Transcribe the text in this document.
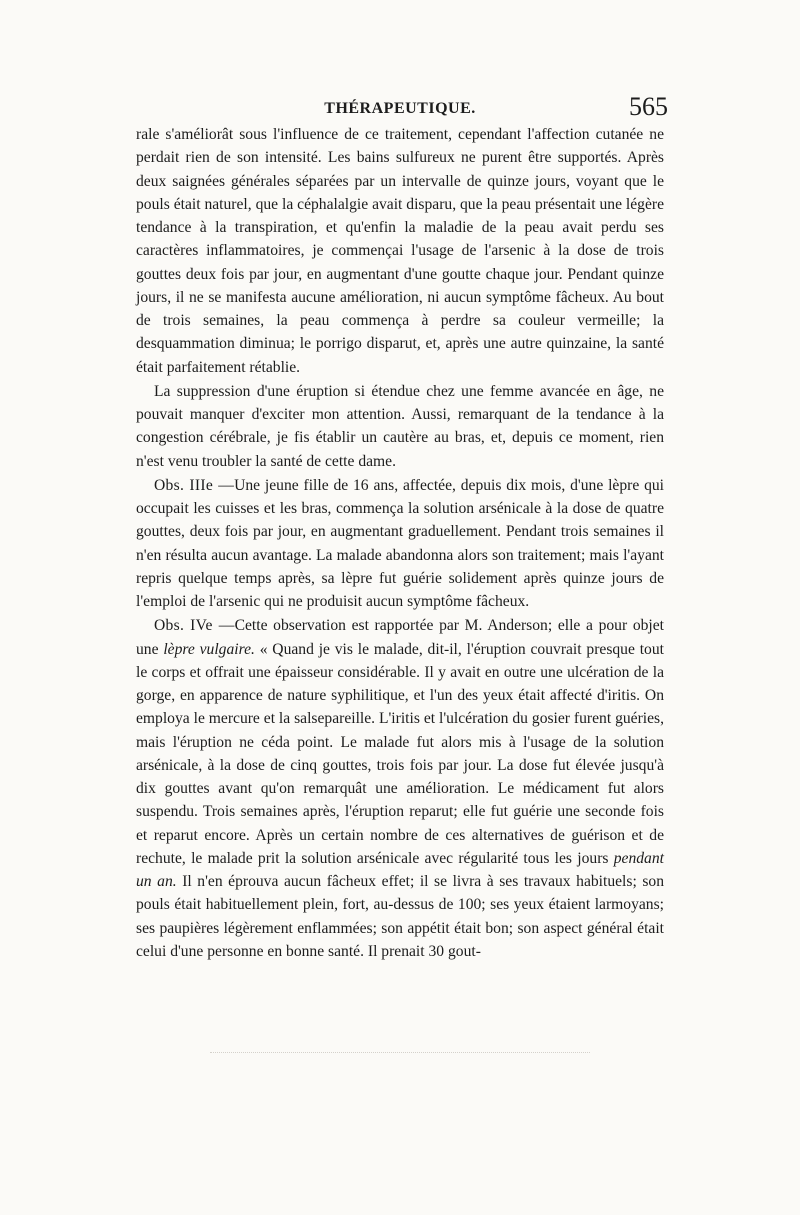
THÉRAPEUTIQUE.	565

rale s'améliorât sous l'influence de ce traitement, cependant l'affection cutanée ne perdait rien de son intensité. Les bains sulfureux ne purent être supportés. Après deux saignées générales séparées par un intervalle de quinze jours, voyant que le pouls était naturel, que la céphalalgie avait disparu, que la peau présentait une légère tendance à la transpiration, et qu'enfin la maladie de la peau avait perdu ses caractères inflammatoires, je commençai l'usage de l'arsenic à la dose de trois gouttes deux fois par jour, en augmentant d'une goutte chaque jour. Pendant quinze jours, il ne se manifesta aucune amélioration, ni aucun symptôme fâcheux. Au bout de trois semaines, la peau commença à perdre sa couleur vermeille; la desquammation diminua; le porrigo disparut, et, après une autre quinzaine, la santé était parfaitement rétablie.

La suppression d'une éruption si étendue chez une femme avancée en âge, ne pouvait manquer d'exciter mon attention. Aussi, remarquant de la tendance à la congestion cérébrale, je fis établir un cautère au bras, et, depuis ce moment, rien n'est venu troubler la santé de cette dame.

Obs. IIIe —Une jeune fille de 16 ans, affectée, depuis dix mois, d'une lèpre qui occupait les cuisses et les bras, commença la solution arsénicale à la dose de quatre gouttes, deux fois par jour, en augmentant graduellement. Pendant trois semaines il n'en résulta aucun avantage. La malade abandonna alors son traitement; mais l'ayant repris quelque temps après, sa lèpre fut guérie solidement après quinze jours de l'emploi de l'arsenic qui ne produisit aucun symptôme fâcheux.

Obs. IVe —Cette observation est rapportée par M. Anderson; elle a pour objet une lèpre vulgaire. « Quand je vis le malade, dit-il, l'éruption couvrait presque tout le corps et offrait une épaisseur considérable. Il y avait en outre une ulcération de la gorge, en apparence de nature syphilitique, et l'un des yeux était affecté d'iritis. On employa le mercure et la salsepareille. L'iritis et l'ulcération du gosier furent guéries, mais l'éruption ne céda point. Le malade fut alors mis à l'usage de la solution arsénicale, à la dose de cinq gouttes, trois fois par jour. La dose fut élevée jusqu'à dix gouttes avant qu'on remarquât une amélioration. Le médicament fut alors suspendu. Trois semaines après, l'éruption reparut; elle fut guérie une seconde fois et reparut encore. Après un certain nombre de ces alternatives de guérison et de rechute, le malade prit la solution arsénicale avec régularité tous les jours pendant un an. Il n'en éprouva aucun fâcheux effet; il se livra à ses travaux habituels; son pouls était habituellement plein, fort, au-dessus de 100; ses yeux étaient larmoyans; ses paupières légèrement enflammées; son appétit était bon; son aspect général était celui d'une personne en bonne santé. Il prenait 30 gout-
